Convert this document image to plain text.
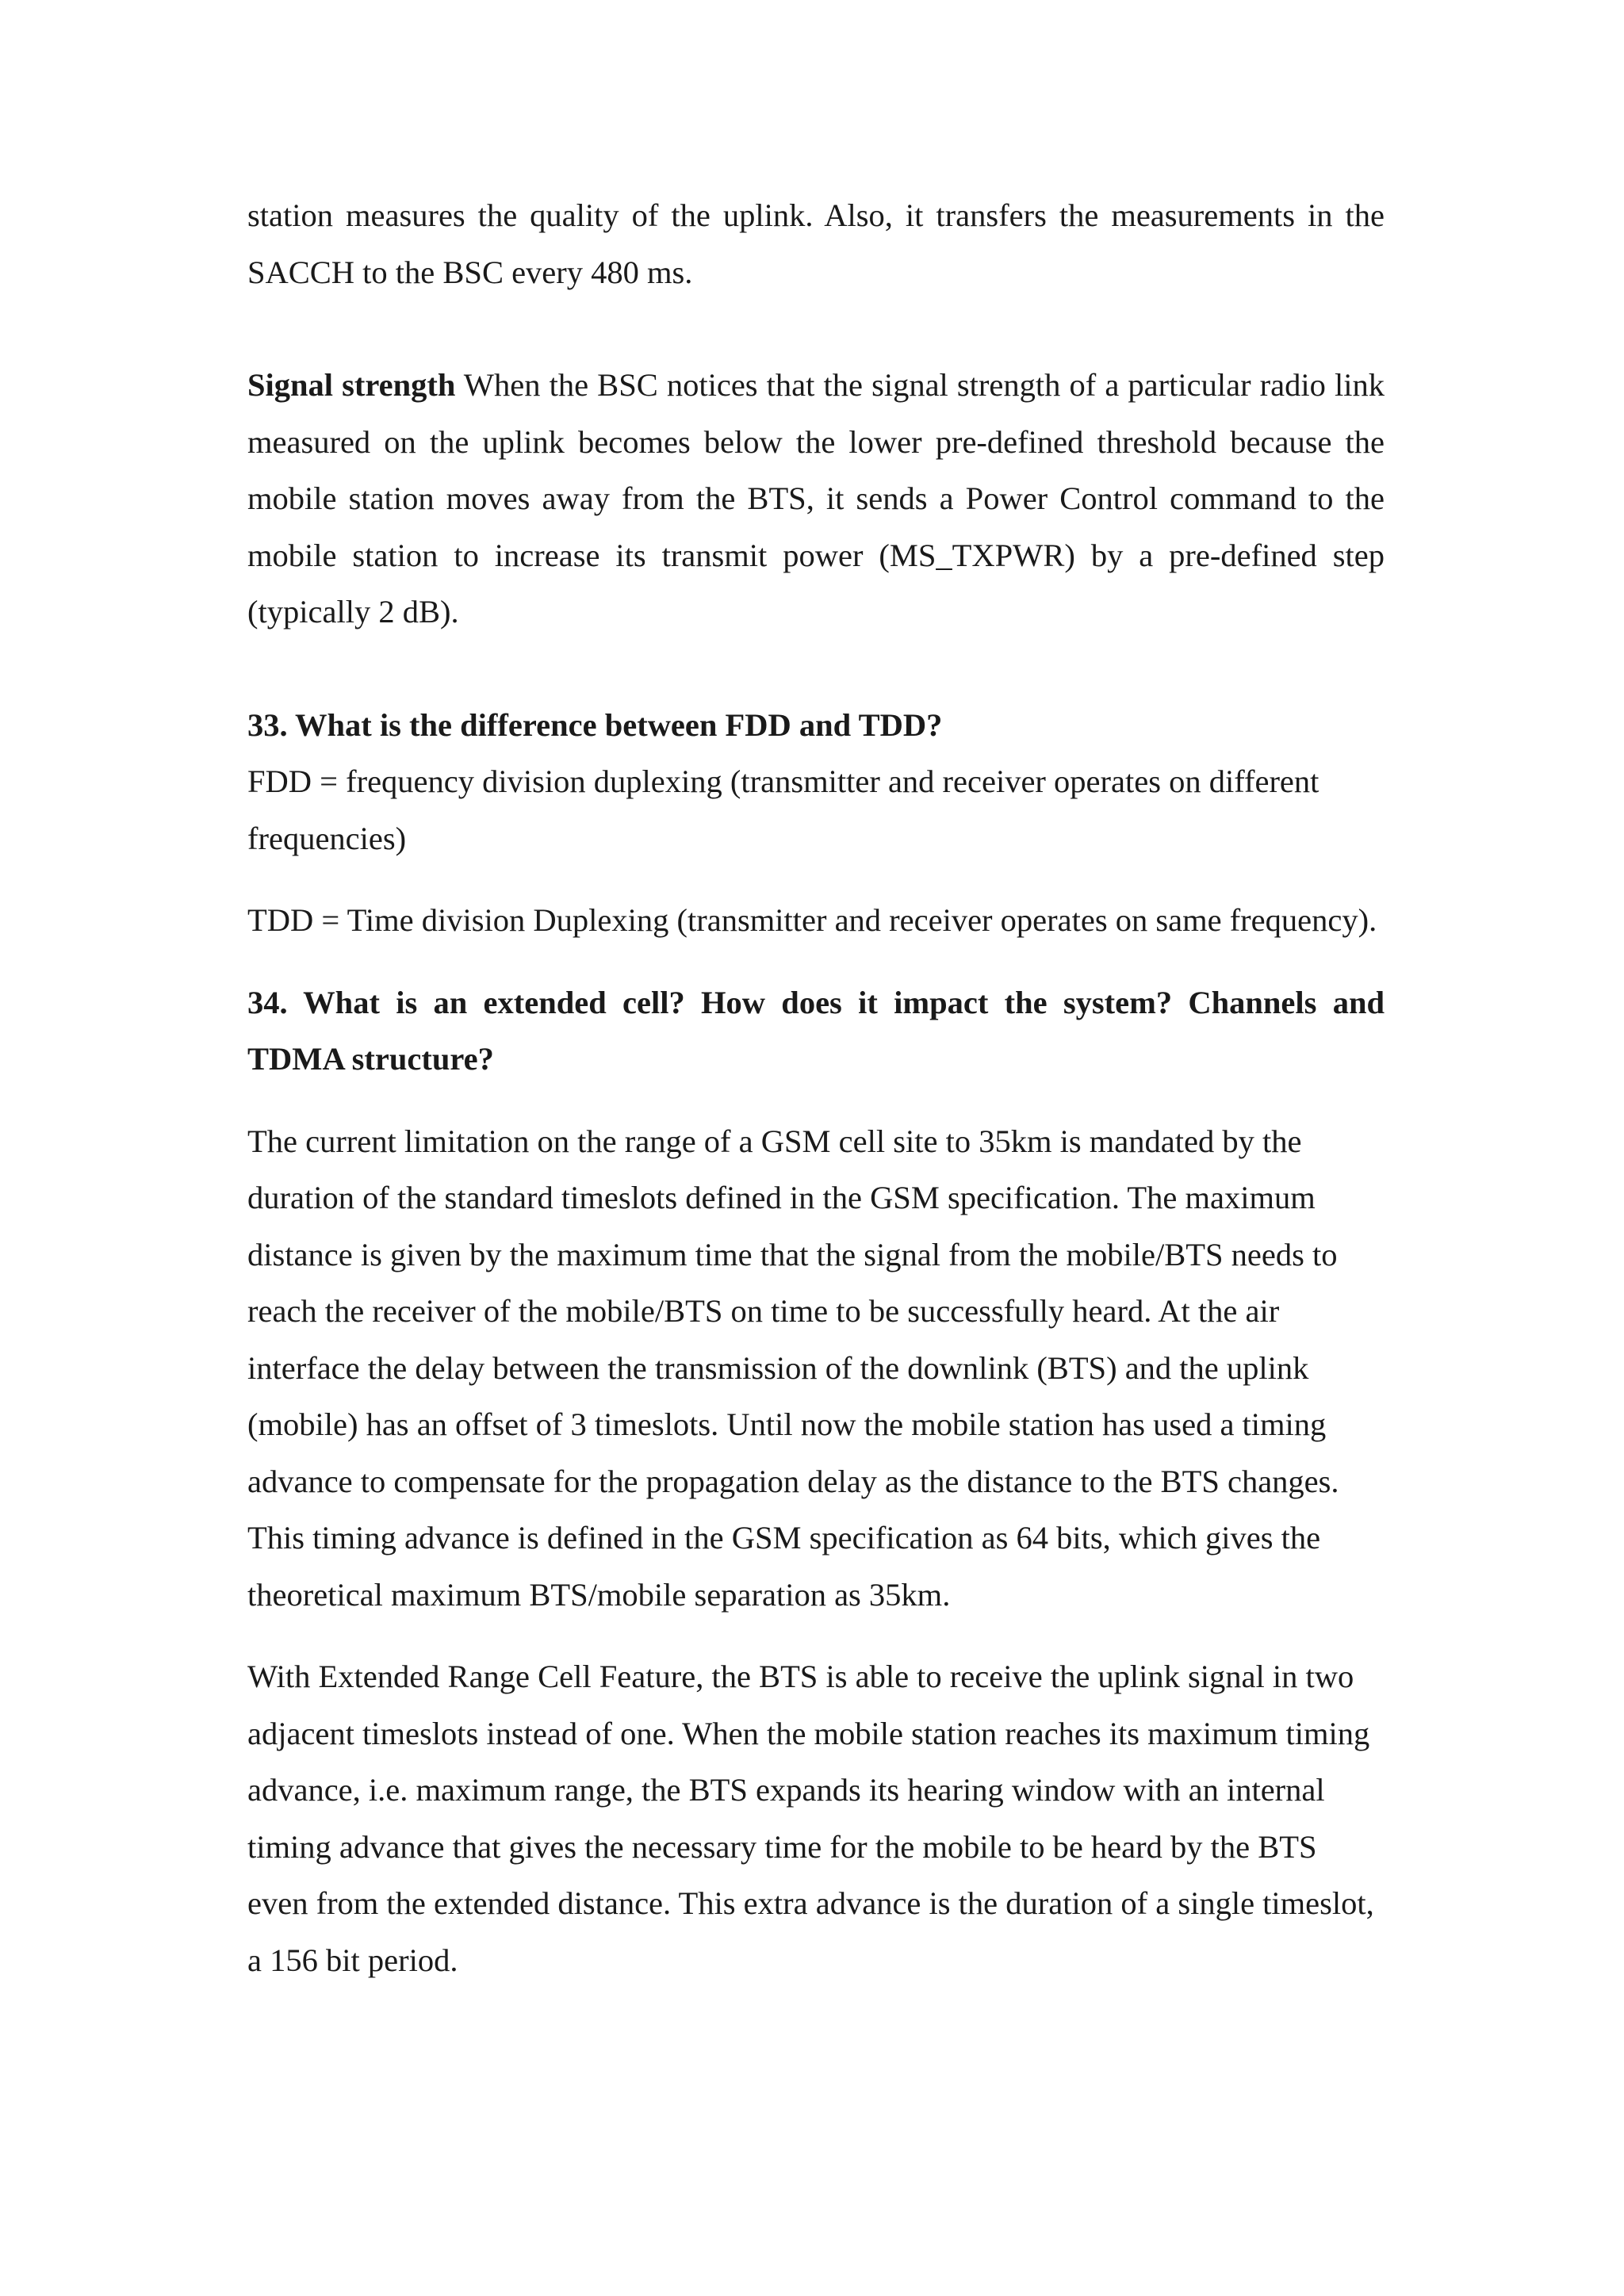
station measures the quality of the uplink. Also, it transfers the measurements in the SACCH to the BSC every 480 ms.

Signal strength When the BSC notices that the signal strength of a particular radio link measured on the uplink becomes below the lower pre-defined threshold because the mobile station moves away from the BTS, it sends a Power Control command to the mobile station to increase its transmit power (MS_TXPWR) by a pre-defined step (typically 2 dB).

33. What is the difference between FDD and TDD?

FDD = frequency division duplexing (transmitter and receiver operates on different frequencies)

TDD = Time division Duplexing (transmitter and receiver operates on same frequency).

34. What is an extended cell? How does it impact the system? Channels and TDMA structure?

The current limitation on the range of a GSM cell site to 35km is mandated by the duration of the standard timeslots defined in the GSM specification. The maximum distance is given by the maximum time that the signal from the mobile/BTS needs to reach the receiver of the mobile/BTS on time to be successfully heard. At the air interface the delay between the transmission of the downlink (BTS) and the uplink (mobile) has an offset of 3 timeslots. Until now the mobile station has used a timing advance to compensate for the propagation delay as the distance to the BTS changes. This timing advance is defined in the GSM specification as 64 bits, which gives the theoretical maximum BTS/mobile separation as 35km.

With Extended Range Cell Feature, the BTS is able to receive the uplink signal in two adjacent timeslots instead of one. When the mobile station reaches its maximum timing advance, i.e. maximum range, the BTS expands its hearing window with an internal timing advance that gives the necessary time for the mobile to be heard by the BTS even from the extended distance. This extra advance is the duration of a single timeslot, a 156 bit period.
